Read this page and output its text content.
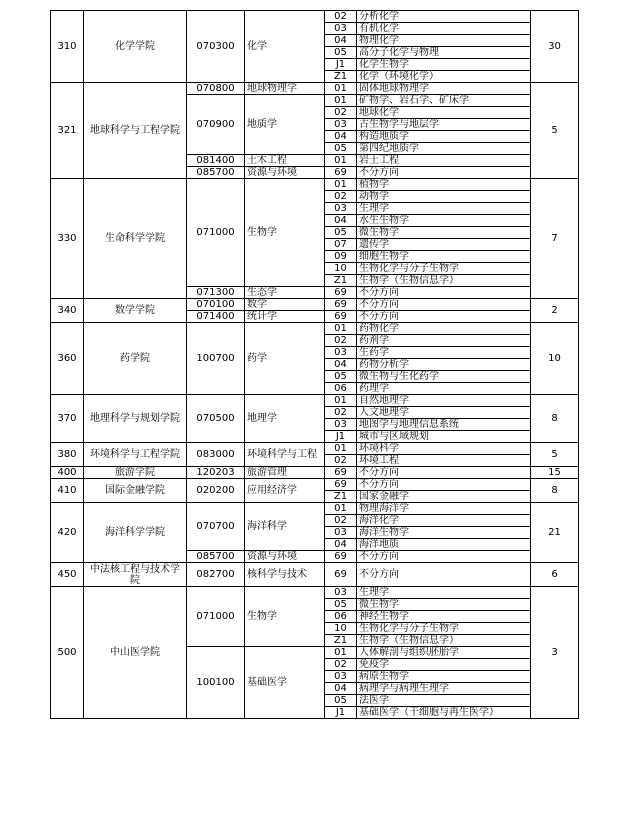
310	化学学院	070300	化学	02	分析化学	30
				03	有机化学	
				04	物理化学	
				05	高分子化学与物理	
				J1	化学生物学	
				Z1	化学（环境化学）	
321	地球科学与工程学院	070800	地球物理学	01	固体地球物理学	5
		070900	地质学	01	矿物学、岩石学、矿床学	
				02	地球化学	
				03	古生物学与地层学	
				04	构造地质学	
				05	第四纪地质学	
		081400	土木工程	01	岩土工程	
		085700	资源与环境	69	不分方向	
330	生命科学学院	071000	生物学	01	植物学	7
				02	动物学	
				03	生理学	
				04	水生生物学	
				05	微生物学	
				07	遗传学	
				09	细胞生物学	
				10	生物化学与分子生物学	
				Z1	生物学（生物信息学）	
		071300	生态学	69	不分方向	
340	数学学院	070100	数学	69	不分方向	2
		071400	统计学	69	不分方向	
360	药学院	100700	药学	01	药物化学	10
				02	药剂学	
				03	生药学	
				04	药物分析学	
				05	微生物与生化药学	
				06	药理学	
370	地理科学与规划学院	070500	地理学	01	自然地理学	8
				02	人文地理学	
				03	地图学与地理信息系统	
				J1	城市与区域规划	
380	环境科学与工程学院	083000	环境科学与工程	01	环境科学	5
				02	环境工程	
400	旅游学院	120203	旅游管理	69	不分方向	15
410	国际金融学院	020200	应用经济学	69	不分方向	8
				Z1	国家金融学	
420	海洋科学学院	070700	海洋科学	01	物理海洋学	21
				02	海洋化学	
				03	海洋生物学	
				04	海洋地质	
		085700	资源与环境	69	不分方向	
450	中法核工程与技术学院	082700	核科学与技术	69	不分方向	6
500	中山医学院	071000	生物学	03	生理学	3
				05	微生物学	
				06	神经生物学	
				10	生物化学与分子生物学	
				Z1	生物学（生物信息学）	
		100100	基础医学	01	人体解剖与组织胚胎学	
				02	免疫学	
				03	病原生物学	
				04	病理学与病理生理学	
				05	法医学	
				J1	基础医学（干细胞与再生医学）	
